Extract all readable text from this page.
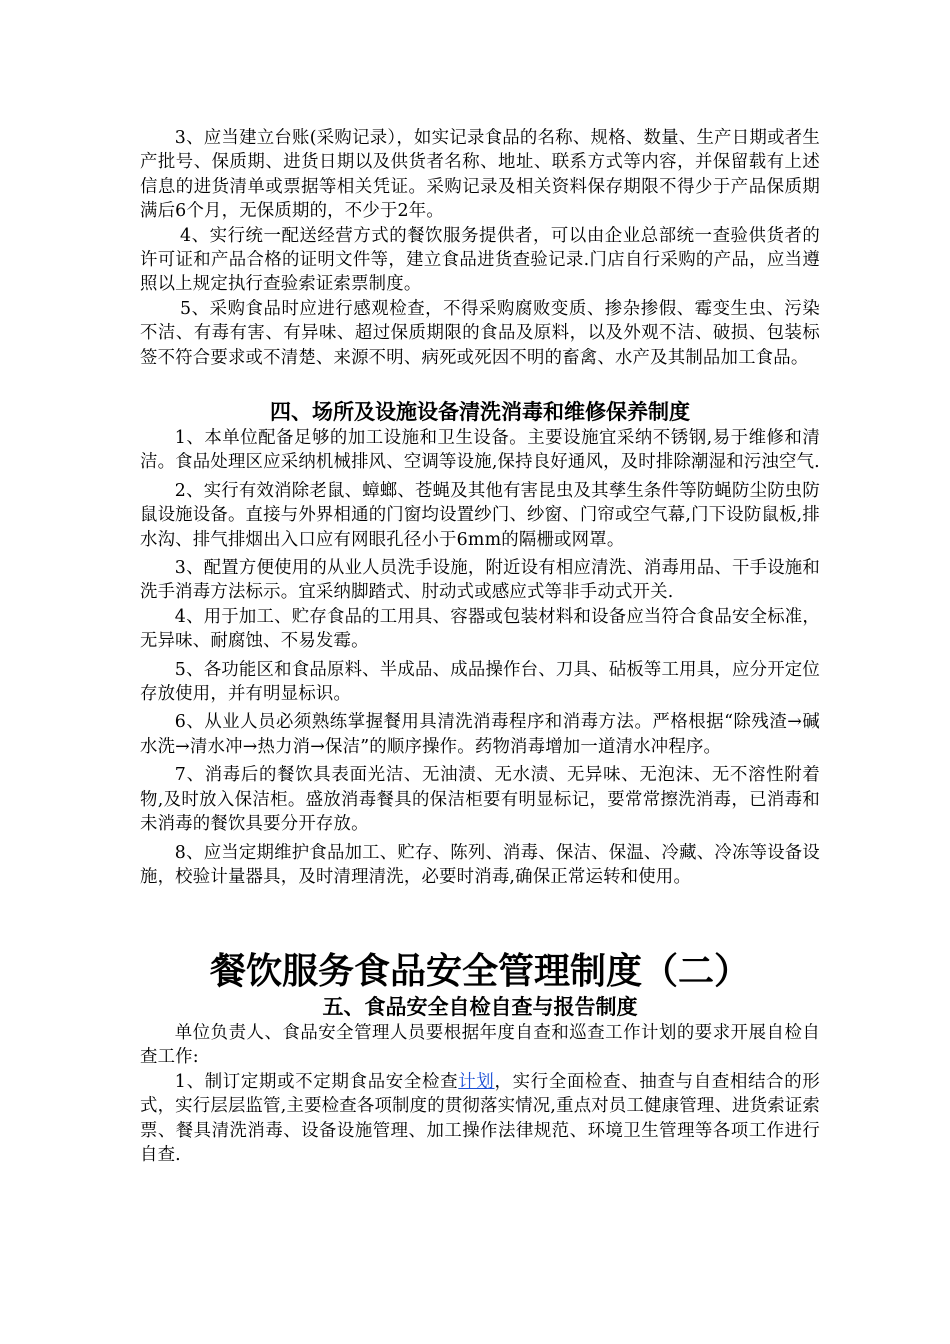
3、应当建立台账(采购记录），如实记录食品的名称、规格、数量、生产日期或者生产批号、保质期、进货日期以及供货者名称、地址、联系方式等内容，并保留载有上述信息的进货清单或票据等相关凭证。采购记录及相关资料保存期限不得少于产品保质期满后6个月，无保质期的，不少于2年。

4、实行统一配送经营方式的餐饮服务提供者，可以由企业总部统一查验供货者的许可证和产品合格的证明文件等，建立食品进货查验记录.门店自行采购的产品，应当遵照以上规定执行查验索证索票制度。

5、采购食品时应进行感观检查，不得采购腐败变质、掺杂掺假、霉变生虫、污染不洁、有毒有害、有异味、超过保质期限的食品及原料，以及外观不洁、破损、包装标签不符合要求或不清楚、来源不明、病死或死因不明的畜禽、水产及其制品加工食品。

四、场所及设施设备清洗消毒和维修保养制度

1、本单位配备足够的加工设施和卫生设备。主要设施宜采纳不锈钢,易于维修和清洁。食品处理区应采纳机械排风、空调等设施,保持良好通风，及时排除潮湿和污浊空气.

2、实行有效消除老鼠、蟑螂、苍蝇及其他有害昆虫及其孳生条件等防蝇防尘防虫防鼠设施设备。直接与外界相通的门窗均设置纱门、纱窗、门帘或空气幕,门下设防鼠板,排水沟、排气排烟出入口应有网眼孔径小于6mm的隔栅或网罩。

3、配置方便使用的从业人员洗手设施，附近设有相应清洗、消毒用品、干手设施和洗手消毒方法标示。宜采纳脚踏式、肘动式或感应式等非手动式开关.

4、用于加工、贮存食品的工用具、容器或包装材料和设备应当符合食品安全标准，无异味、耐腐蚀、不易发霉。

5、各功能区和食品原料、半成品、成品操作台、刀具、砧板等工用具，应分开定位存放使用，并有明显标识。

6、从业人员必须熟练掌握餐用具清洗消毒程序和消毒方法。严格根据“除残渣→碱水洗→清水冲→热力消→保洁”的顺序操作。药物消毒增加一道清水冲程序。

7、消毒后的餐饮具表面光洁、无油渍、无水渍、无异味、无泡沫、无不溶性附着物,及时放入保洁柜。盛放消毒餐具的保洁柜要有明显标记，要常常擦洗消毒，已消毒和未消毒的餐饮具要分开存放。

8、应当定期维护食品加工、贮存、陈列、消毒、保洁、保温、冷藏、冷冻等设备设施，校验计量器具，及时清理清洗，必要时消毒,确保正常运转和使用。

餐饮服务食品安全管理制度（二）
五、食品安全自检自查与报告制度

单位负责人、食品安全管理人员要根据年度自查和巡查工作计划的要求开展自检自查工作:

1、制订定期或不定期食品安全检查计划，实行全面检查、抽查与自查相结合的形式，实行层层监管,主要检查各项制度的贯彻落实情况,重点对员工健康管理、进货索证索票、餐具清洗消毒、设备设施管理、加工操作法律规范、环境卫生管理等各项工作进行自查.
